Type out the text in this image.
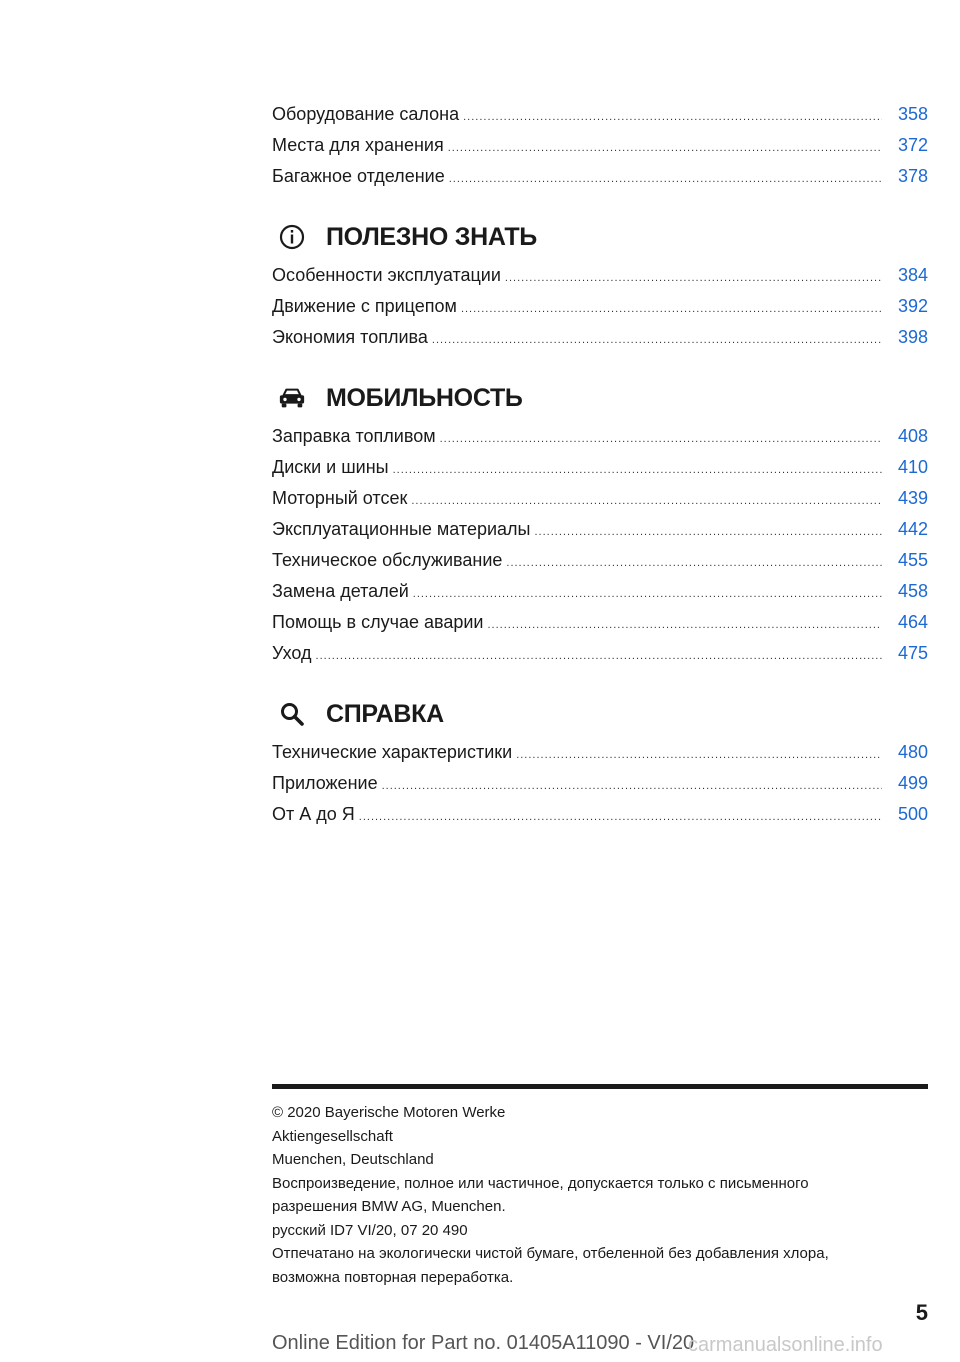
Оборудование салона .....	358
Места для хранения .....	372
Багажное отделение .....	378
ПОЛЕЗНО ЗНАТЬ
Особенности эксплуатации .....	384
Движение с прицепом .....	392
Экономия топлива .....	398
МОБИЛЬНОСТЬ
Заправка топливом .....	408
Диски и шины .....	410
Моторный отсек .....	439
Эксплуатационные материалы .....	442
Техническое обслуживание .....	455
Замена деталей .....	458
Помощь в случае аварии .....	464
Уход .....	475
СПРАВКА
Технические характеристики .....	480
Приложение .....	499
От А до Я .....	500
© 2020 Bayerische Motoren Werke
Aktiengesellschaft
Muenchen, Deutschland
Воспроизведение, полное или частичное, допускается только с письменного
разрешения BMW AG, Muenchen.
русский ID7 VI/20, 07 20 490
Отпечатано на экологически чистой бумаге, отбеленной без добавления хлора,
возможна повторная переработка.
5
Online Edition for Part no. 01405A11090 - VI/20
carmanualsonline.info
